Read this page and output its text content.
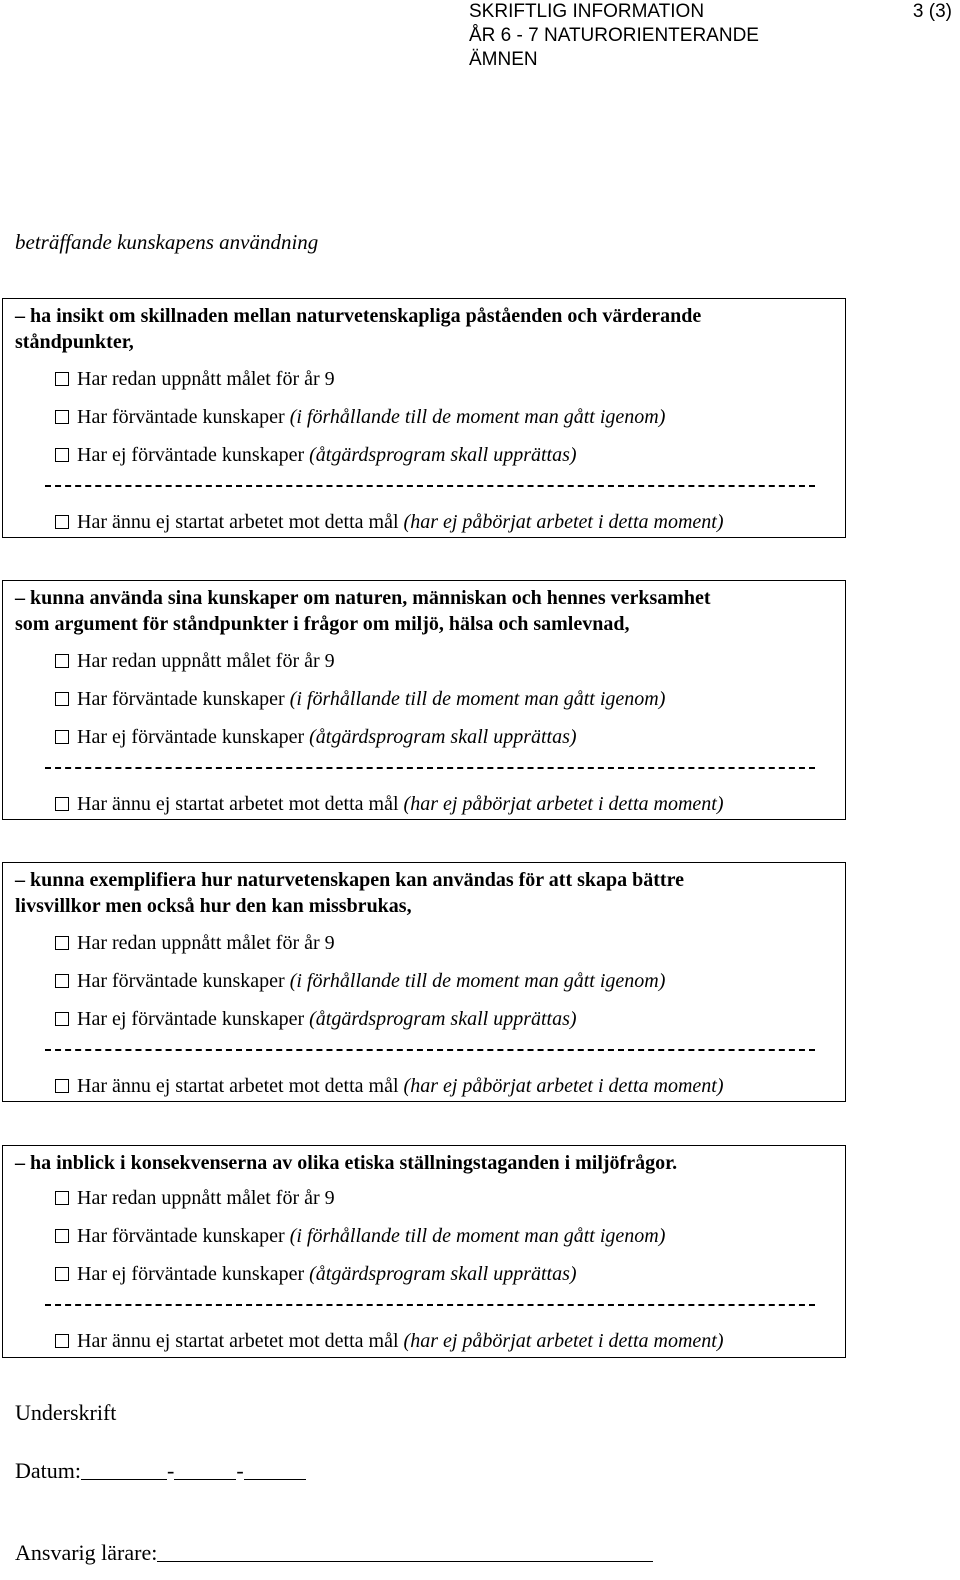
SKRIFTLIG INFORMATION
ÅR 6 - 7 NATURORIENTERANDE
ÄMNEN
3 (3)
beträffande kunskapens användning
– ha insikt om skillnaden mellan naturvetenskapliga påståenden och värderande
ståndpunkter,
Har redan uppnått målet för år 9
Har förväntade kunskaper (i förhållande till de moment man gått igenom)
Har ej förväntade kunskaper (åtgärdsprogram skall upprättas)
Har ännu ej startat arbetet mot detta mål (har ej påbörjat arbetet i detta moment)
– kunna använda sina kunskaper om naturen, människan och hennes verksamhet
som argument för ståndpunkter i frågor om miljö, hälsa och samlevnad,
Har redan uppnått målet för år 9
Har förväntade kunskaper (i förhållande till de moment man gått igenom)
Har ej förväntade kunskaper (åtgärdsprogram skall upprättas)
Har ännu ej startat arbetet mot detta mål (har ej påbörjat arbetet i detta moment)
– kunna exemplifiera hur naturvetenskapen kan användas för att skapa bättre
livsvillkor men också hur den kan missbrukas,
Har redan uppnått målet för år 9
Har förväntade kunskaper (i förhållande till de moment man gått igenom)
Har ej förväntade kunskaper (åtgärdsprogram skall upprättas)
Har ännu ej startat arbetet mot detta mål (har ej påbörjat arbetet i detta moment)
– ha inblick i konsekvenserna av olika etiska ställningstaganden i miljöfrågor.
Har redan uppnått målet för år 9
Har förväntade kunskaper (i förhållande till de moment man gått igenom)
Har ej förväntade kunskaper (åtgärdsprogram skall upprättas)
Har ännu ej startat arbetet mot detta mål (har ej påbörjat arbetet i detta moment)
Underskrift
Datum:	-	-
Ansvarig lärare:
